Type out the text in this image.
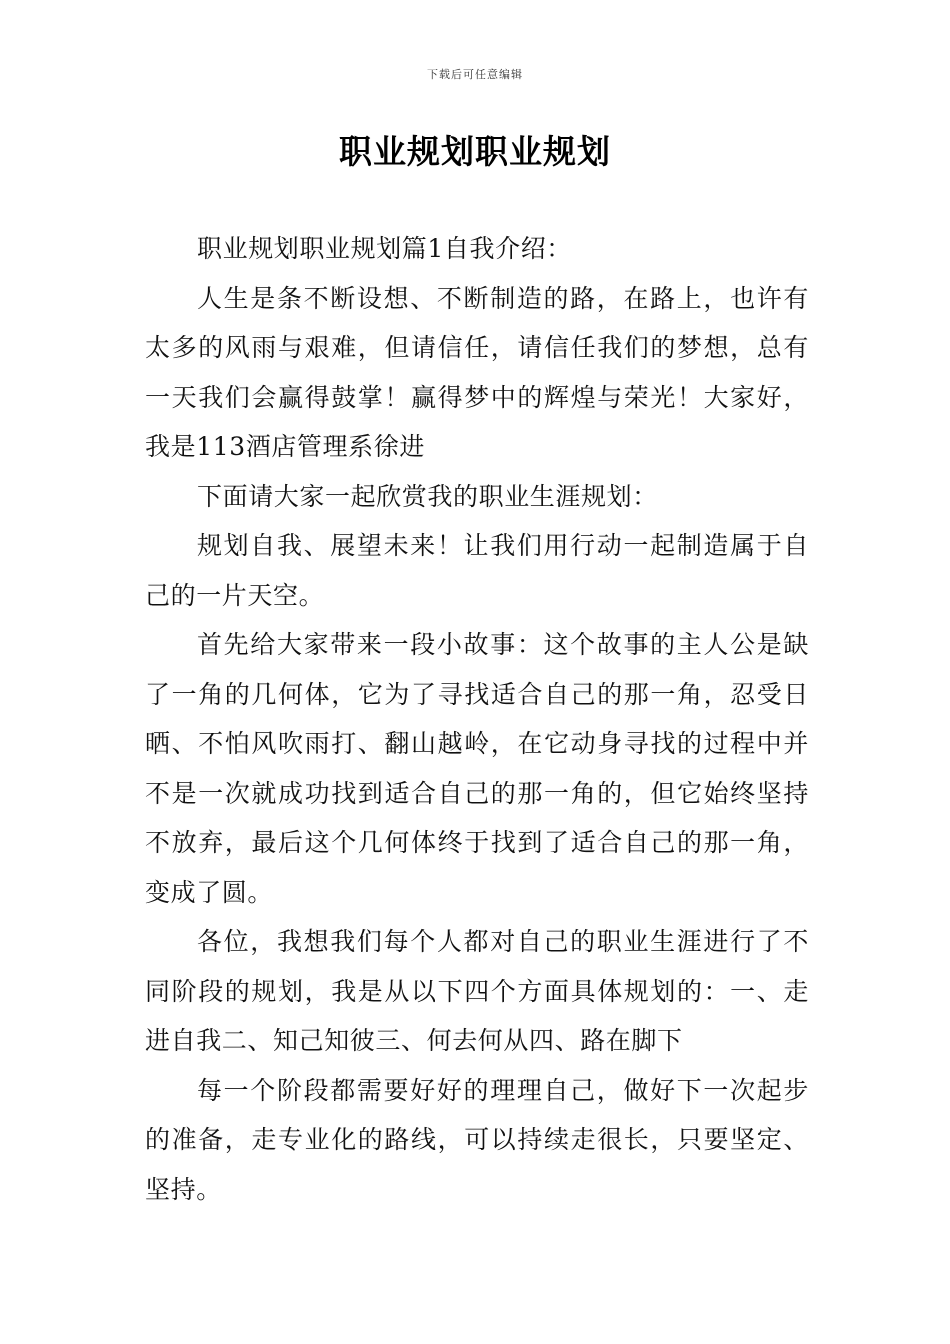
下载后可任意编辑
职业规划职业规划

职业规划职业规划篇1自我介绍：

人生是条不断设想、不断制造的路，在路上，也许有太多的风雨与艰难，但请信任，请信任我们的梦想，总有一天我们会赢得鼓掌！赢得梦中的辉煌与荣光！大家好，我是113酒店管理系徐进

下面请大家一起欣赏我的职业生涯规划：

规划自我、展望未来！让我们用行动一起制造属于自己的一片天空。

首先给大家带来一段小故事：这个故事的主人公是缺了一角的几何体，它为了寻找适合自己的那一角，忍受日晒、不怕风吹雨打、翻山越岭，在它动身寻找的过程中并不是一次就成功找到适合自己的那一角的，但它始终坚持不放弃，最后这个几何体终于找到了适合自己的那一角，变成了圆。

各位，我想我们每个人都对自己的职业生涯进行了不同阶段的规划，我是从以下四个方面具体规划的：一、走进自我二、知己知彼三、何去何从四、路在脚下

每一个阶段都需要好好的理理自己，做好下一次起步的准备，走专业化的路线，可以持续走很长，只要坚定、坚持。
